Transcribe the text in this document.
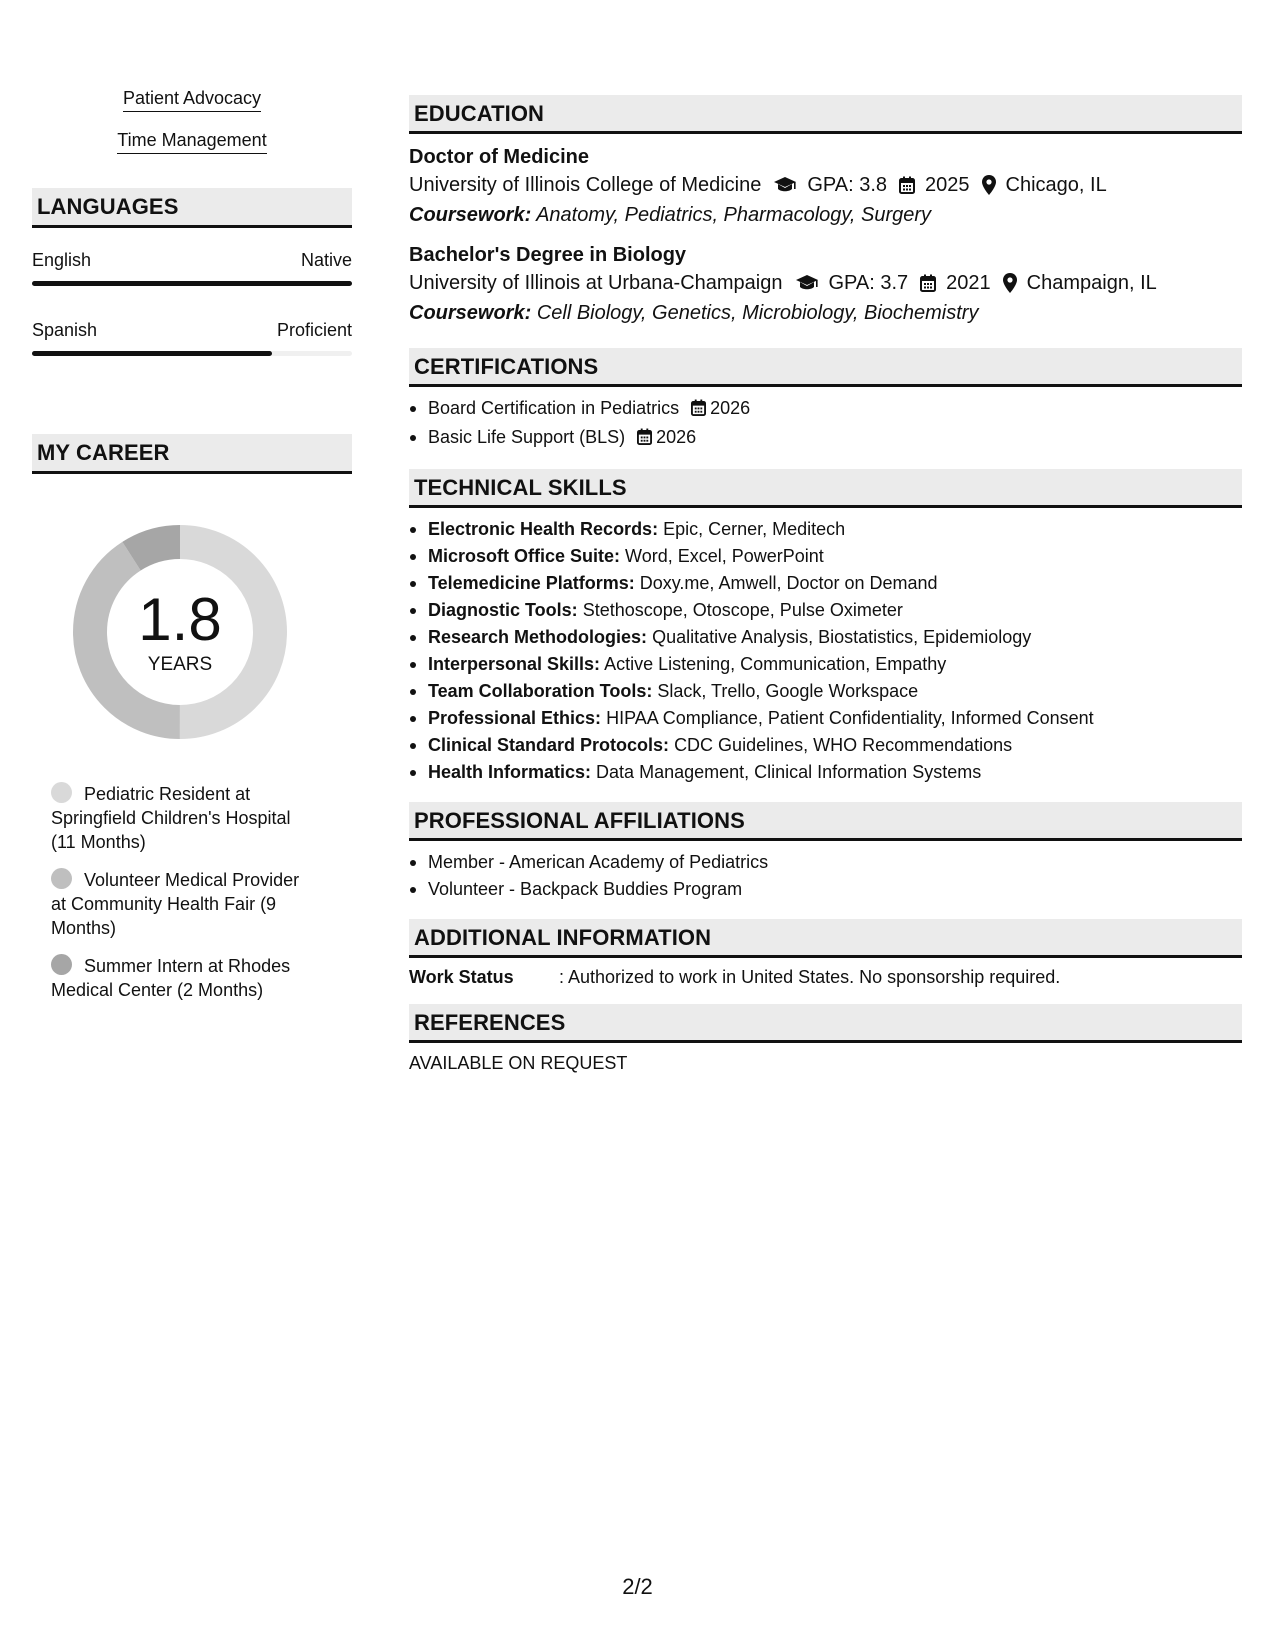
Patient Advocacy
Time Management
LANGUAGES
English	Native
Spanish	Proficient
MY CAREER
1.8
YEARS
Pediatric Resident at Springfield Children's Hospital (11 Months)
Volunteer Medical Provider at Community Health Fair (9 Months)
Summer Intern at Rhodes Medical Center (2 Months)
EDUCATION
Doctor of Medicine
University of Illinois College of Medicine GPA: 3.8 2025 Chicago, IL
Coursework: Anatomy, Pediatrics, Pharmacology, Surgery
Bachelor's Degree in Biology
University of Illinois at Urbana-Champaign GPA: 3.7 2021 Champaign, IL
Coursework: Cell Biology, Genetics, Microbiology, Biochemistry
CERTIFICATIONS
Board Certification in Pediatrics 2026
Basic Life Support (BLS) 2026
TECHNICAL SKILLS
Electronic Health Records: Epic, Cerner, Meditech
Microsoft Office Suite: Word, Excel, PowerPoint
Telemedicine Platforms: Doxy.me, Amwell, Doctor on Demand
Diagnostic Tools: Stethoscope, Otoscope, Pulse Oximeter
Research Methodologies: Qualitative Analysis, Biostatistics, Epidemiology
Interpersonal Skills: Active Listening, Communication, Empathy
Team Collaboration Tools: Slack, Trello, Google Workspace
Professional Ethics: HIPAA Compliance, Patient Confidentiality, Informed Consent
Clinical Standard Protocols: CDC Guidelines, WHO Recommendations
Health Informatics: Data Management, Clinical Information Systems
PROFESSIONAL AFFILIATIONS
Member - American Academy of Pediatrics
Volunteer - Backpack Buddies Program
ADDITIONAL INFORMATION
Work Status	: Authorized to work in United States. No sponsorship required.
REFERENCES
AVAILABLE ON REQUEST
2/2
